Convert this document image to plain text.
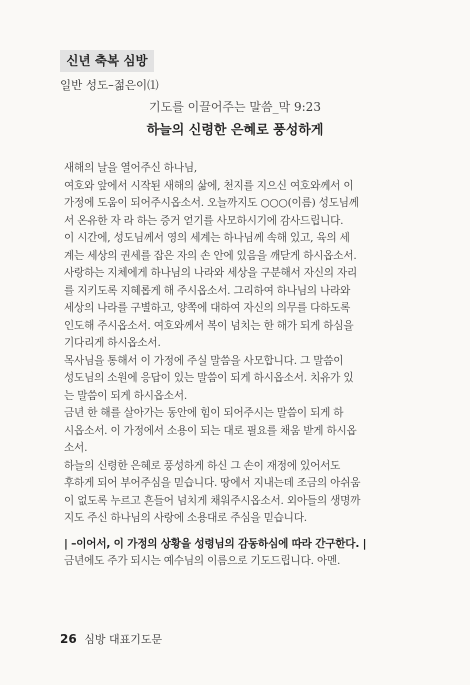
신년 축복 심방
일반 성도–젊은이⑴
기도를 이끌어주는 말씀_막 9:23
하늘의 신령한 은혜로 풍성하게
새해의 날을 열어주신 하나님,
여호와 앞에서 시작된 새해의 삶에, 천지를 지으신 여호와께서 이
가정에 도움이 되어주시옵소서. 오늘까지도 ○○○(이름) 성도님께
서 온유한 자 라 하는 증거 얻기를 사모하시기에 감사드립니다.
이 시간에, 성도님께서 영의 세계는 하나님께 속해 있고, 육의 세
계는 세상의 권세를 잡은 자의 손 안에 있음을 깨닫게 하시옵소서.
사랑하는 지체에게 하나님의 나라와 세상을 구분해서 자신의 자리
를 지키도록 지혜롭게 해 주시옵소서. 그리하여 하나님의 나라와
세상의 나라를 구별하고, 양쪽에 대하여 자신의 의무를 다하도록
인도해 주시옵소서. 여호와께서 복이 넘치는 한 해가 되게 하심을
기다리게 하시옵소서.
목사님을 통해서 이 가정에 주실 말씀을 사모합니다. 그 말씀이
성도님의 소원에 응답이 있는 말씀이 되게 하시옵소서. 치유가 있
는 말씀이 되게 하시옵소서.
금년 한 해를 살아가는 동안에 힘이 되어주시는 말씀이 되게 하
시옵소서. 이 가정에서 소용이 되는 대로 필요를 채움 받게 하시옵
소서.
하늘의 신령한 은혜로 풍성하게 하신 그 손이 재정에 있어서도
후하게 되어 부어주심을 믿습니다. 땅에서 지내는데 조금의 아쉬움
이 없도록 누르고 흔들어 넘치게 채워주시옵소서. 외아들의 생명까
지도 주신 하나님의 사랑에 소용대로 주심을 믿습니다.
| –이어서, 이 가정의 상황을 성령님의 감동하심에 따라 간구한다. |
금년에도 주가 되시는 예수님의 이름으로 기도드립니다. 아멘.
26 심방 대표기도문
